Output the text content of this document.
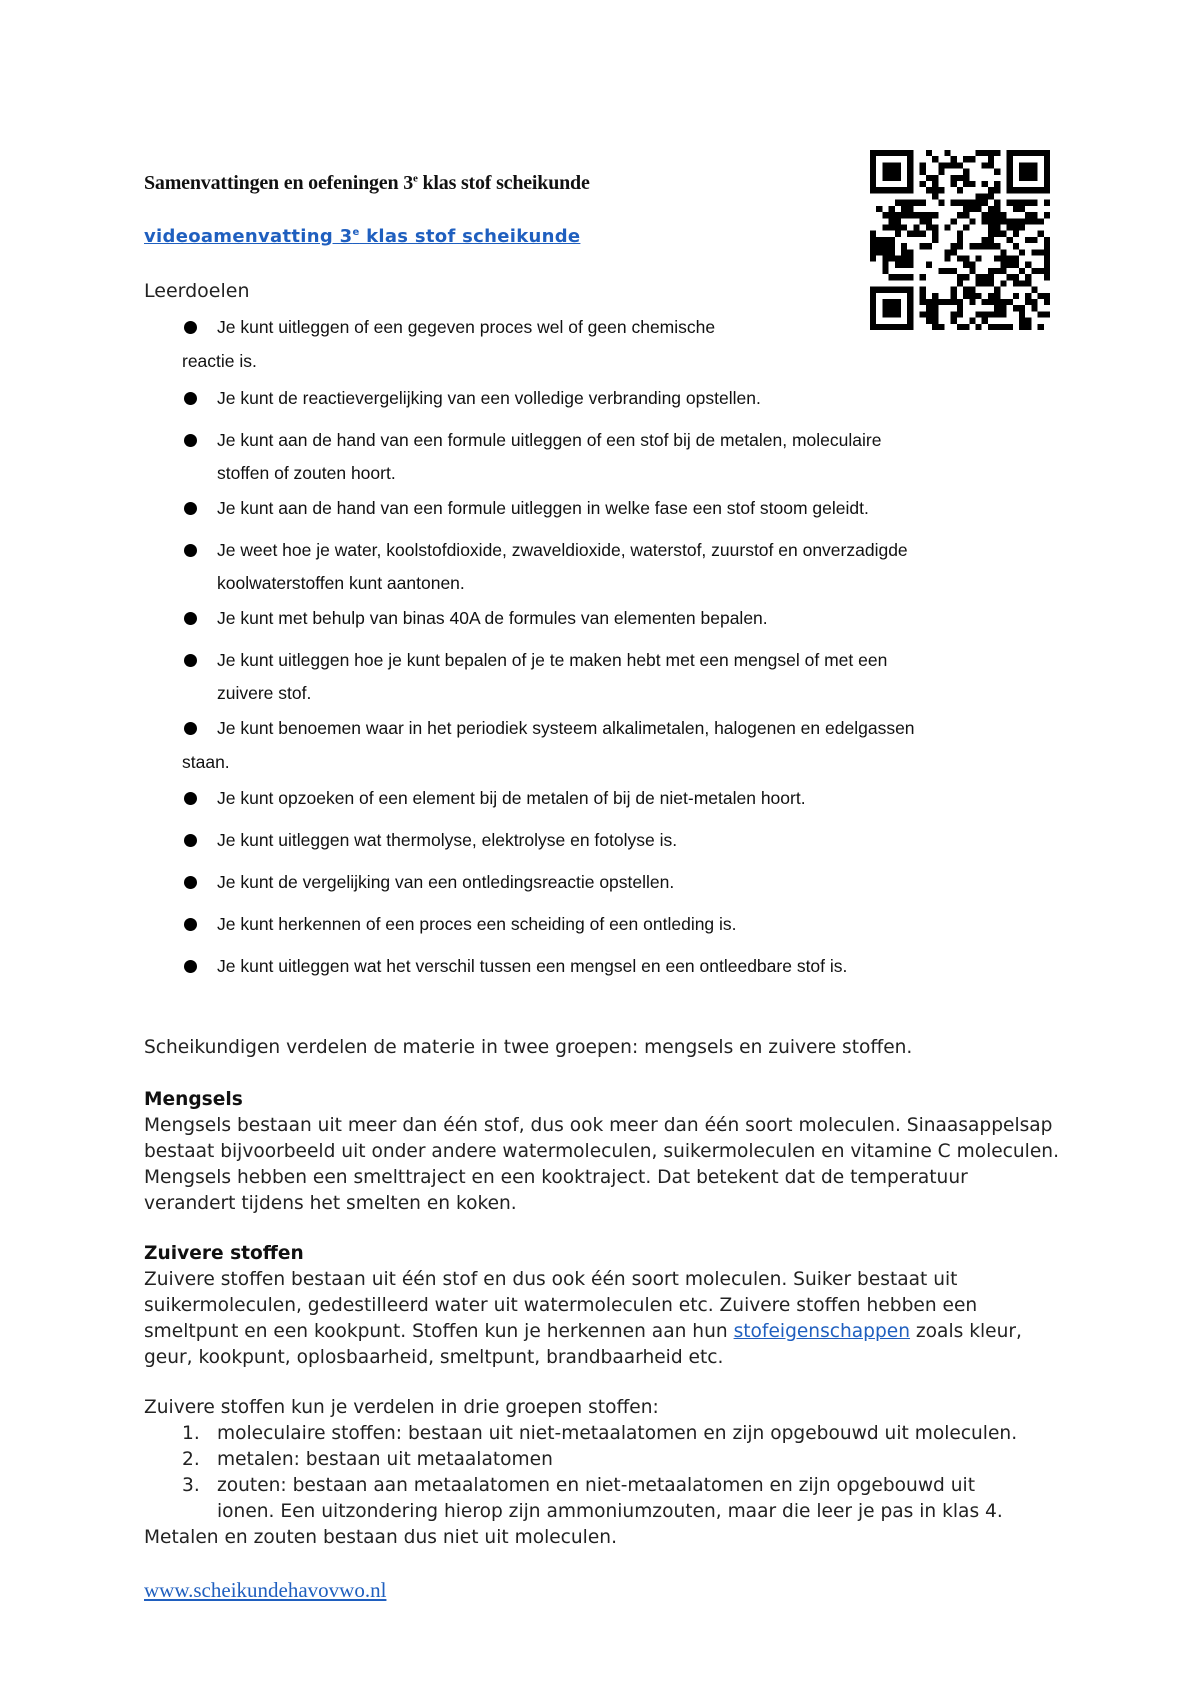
Samenvattingen en oefeningen 3e klas stof scheikunde
videoamenvatting 3e klas stof scheikunde
Leerdoelen
Je kunt uitleggen of een gegeven proces wel of geen chemische
reactie is.
Je kunt de reactievergelijking van een volledige verbranding opstellen.
Je kunt aan de hand van een formule uitleggen of een stof bij de metalen, moleculaire
stoffen of zouten hoort.
Je kunt aan de hand van een formule uitleggen in welke fase een stof stoom geleidt.
Je weet hoe je water, koolstofdioxide, zwaveldioxide, waterstof, zuurstof en onverzadigde
koolwaterstoffen kunt aantonen.
Je kunt met behulp van binas 40A de formules van elementen bepalen.
Je kunt uitleggen hoe je kunt bepalen of je te maken hebt met een mengsel of met een
zuivere stof.
Je kunt benoemen waar in het periodiek systeem alkalimetalen, halogenen en edelgassen
staan.
Je kunt opzoeken of een element bij de metalen of bij de niet-metalen hoort.
Je kunt uitleggen wat thermolyse, elektrolyse en fotolyse is.
Je kunt de vergelijking van een ontledingsreactie opstellen.
Je kunt herkennen of een proces een scheiding of een ontleding is.
Je kunt uitleggen wat het verschil tussen een mengsel en een ontleedbare stof is.
Scheikundigen verdelen de materie in twee groepen: mengsels en zuivere stoffen.
Mengsels
Mengsels bestaan uit meer dan één stof, dus ook meer dan één soort moleculen. Sinaasappelsap bestaat bijvoorbeeld uit onder andere watermoleculen, suikermoleculen en vitamine C moleculen. Mengsels hebben een smelttraject en een kooktraject. Dat betekent dat de temperatuur verandert tijdens het smelten en koken.
Zuivere stoffen
Zuivere stoffen bestaan uit één stof en dus ook één soort moleculen. Suiker bestaat uit suikermoleculen, gedestilleerd water uit watermoleculen etc. Zuivere stoffen hebben een smeltpunt en een kookpunt. Stoffen kun je herkennen aan hun stofeigenschappen zoals kleur, geur, kookpunt, oplosbaarheid, smeltpunt, brandbaarheid etc.
Zuivere stoffen kun je verdelen in drie groepen stoffen:
1. moleculaire stoffen: bestaan uit niet-metaalatomen en zijn opgebouwd uit moleculen.
2. metalen: bestaan uit metaalatomen
3. zouten: bestaan aan metaalatomen en niet-metaalatomen en zijn opgebouwd uit
ionen. Een uitzondering hierop zijn ammoniumzouten, maar die leer je pas in klas 4.
Metalen en zouten bestaan dus niet uit moleculen.
www.scheikundehavovwo.nl
